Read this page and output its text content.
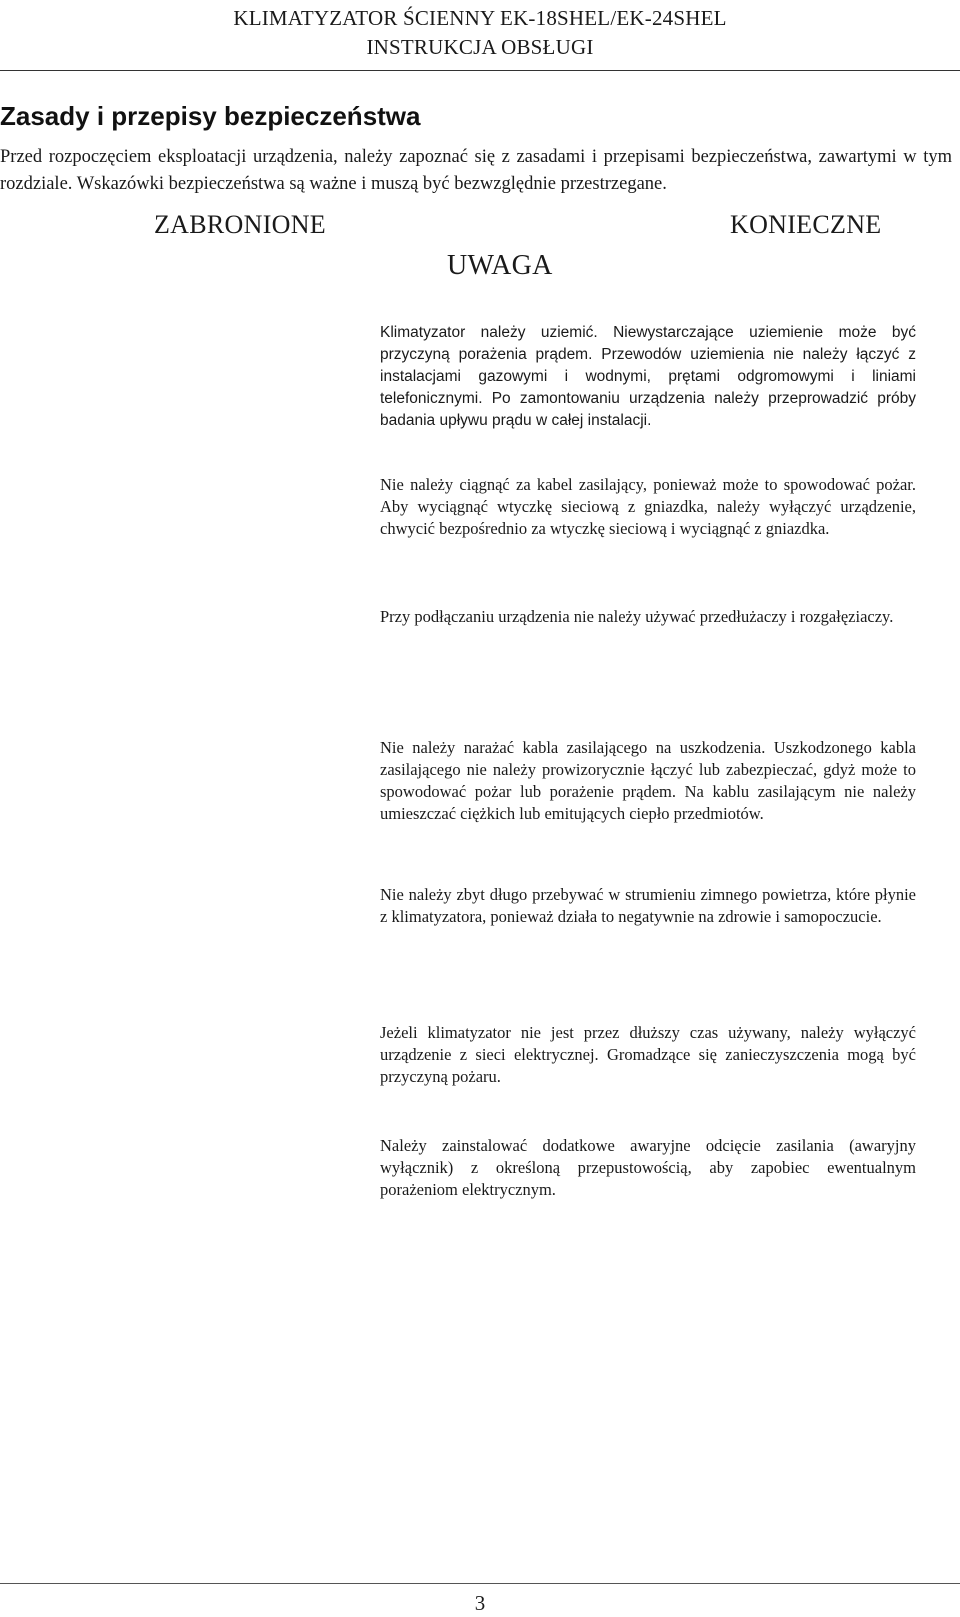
KLIMATYZATOR ŚCIENNY EK-18SHEL/EK-24SHEL
INSTRUKCJA OBSŁUGI
Zasady i przepisy bezpieczeństwa

Przed rozpoczęciem eksploatacji urządzenia, należy zapoznać się z zasadami i przepisami bezpieczeństwa, zawartymi w tym rozdziale. Wskazówki bezpieczeństwa są ważne i muszą być bezwzględnie przestrzegane.

ZABRONIONE
UWAGA
KONIECZNE

Klimatyzator należy uziemić. Niewystarczające uziemienie może być przyczyną porażenia prądem. Przewodów uziemienia nie należy łączyć z instalacjami gazowymi i wodnymi, prętami odgromowymi i liniami telefonicznymi. Po zamontowaniu urządzenia należy przeprowadzić próby badania upływu prądu w całej instalacji.

Nie należy ciągnąć za kabel zasilający, ponieważ może to spowodować pożar. Aby wyciągnąć wtyczkę sieciową z gniazdka, należy wyłączyć urządzenie, chwycić bezpośrednio za wtyczkę sieciową i wyciągnąć z gniazdka.

Przy podłączaniu urządzenia nie należy używać przedłużaczy i rozgałęziaczy.

Nie należy narażać kabla zasilającego na uszkodzenia. Uszkodzonego kabla zasilającego nie należy prowizorycznie łączyć lub zabezpieczać, gdyż może to spowodować pożar lub porażenie prądem. Na kablu zasilającym nie należy umieszczać ciężkich lub emitujących ciepło przedmiotów.

Nie należy zbyt długo przebywać w strumieniu zimnego powietrza, które płynie z klimatyzatora, ponieważ działa to negatywnie na zdrowie i samopoczucie.

Jeżeli klimatyzator nie jest przez dłuższy czas używany, należy wyłączyć urządzenie z sieci elektrycznej. Gromadzące się zanieczyszczenia mogą być przyczyną pożaru.

Należy zainstalować dodatkowe awaryjne odcięcie zasilania (awaryjny wyłącznik) z określoną przepustowością, aby zapobiec ewentualnym porażeniom elektrycznym.

3
